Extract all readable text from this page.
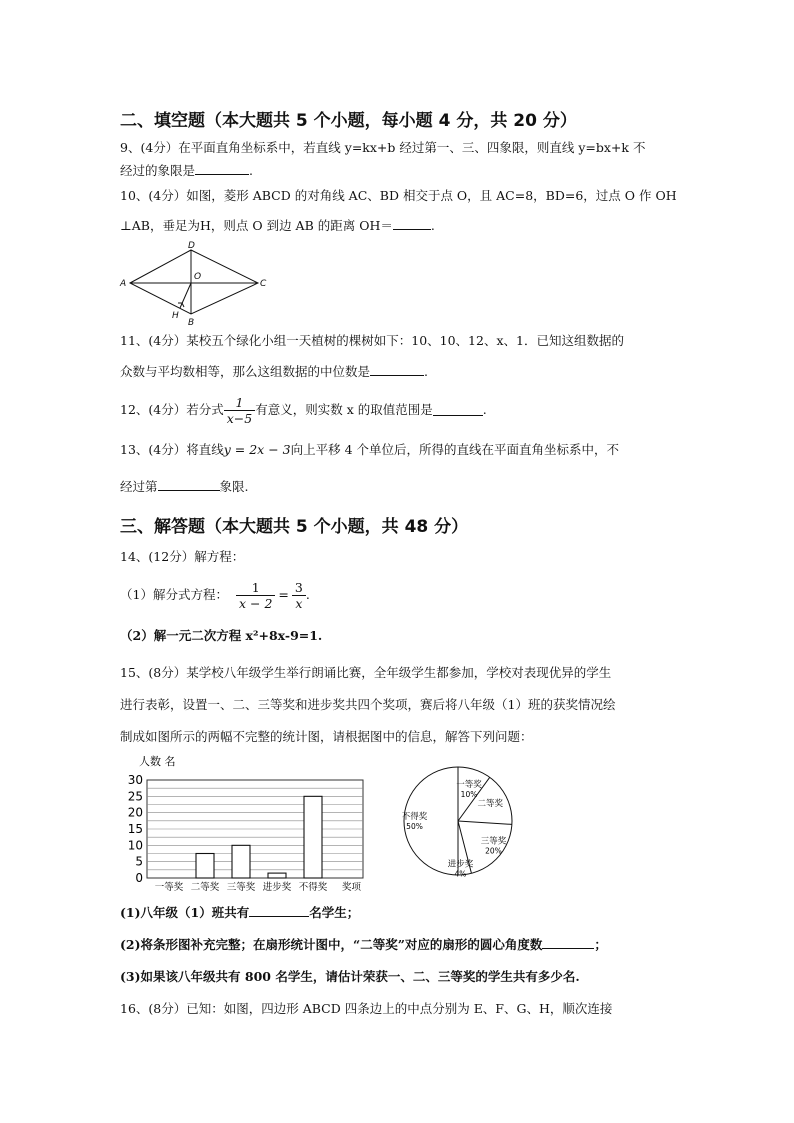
二、填空题（本大题共 5 个小题，每小题 4 分，共 20 分）
9、(4分）在平面直角坐标系中，若直线 y=kx+b 经过第一、三、四象限，则直线 y=bx+k 不
经过的象限是	.
10、(4分）如图，菱形 ABCD 的对角线 AC、BD 相交于点 O，且 AC=8，BD=6，过点 O 作 OH
⊥AB，垂足为H，则点 O 到边 AB 的距离 OH＝	.
A	C
D
B
O
H
11、(4分）某校五个绿化小组一天植树的棵树如下：10、10、12、x、1．已知这组数据的
众数与平均数相等，那么这组数据的中位数是	.
12、(4分）若分式 $\frac{1}{x-5}$ 有意义，则实数 x 的取值范围是	.
13、(4分）将直线y = 2x − 3向上平移 4 个单位后，所得的直线在平面直角坐标系中，不
经过第	象限.
三、解答题（本大题共 5 个小题，共 48 分）
14、(12分）解方程：
（1）解分式方程： $\frac{1}{x - 2} = \frac{3}{x}$ .
（2）解一元二次方程 x²+8x-9=1.
15、(8分）某学校八年级学生举行朗诵比赛，全年级学生都参加，学校对表现优异的学生
进行表彰，设置一、二、三等奖和进步奖共四个奖项，赛后将八年级（1）班的获奖情况绘
制成如图所示的两幅不完整的统计图，请根据图中的信息，解答下列问题：
人数 名
0
5
10
15
20
25
30
一等奖 二等奖 三等奖 进步奖 不得奖 奖项
一等奖
10%
二等奖
三等奖
20%
进步奖
4%
不得奖
50%
(1)八年级（1）班共有	名学生；
(2)将条形图补充完整；在扇形统计图中，“二等奖”对应的扇形的圆心角度数	；
(3)如果该八年级共有 800 名学生，请估计荣获一、二、三等奖的学生共有多少名.
16、(8分）已知：如图，四边形 ABCD 四条边上的中点分别为 E、F、G、H，顺次连接
